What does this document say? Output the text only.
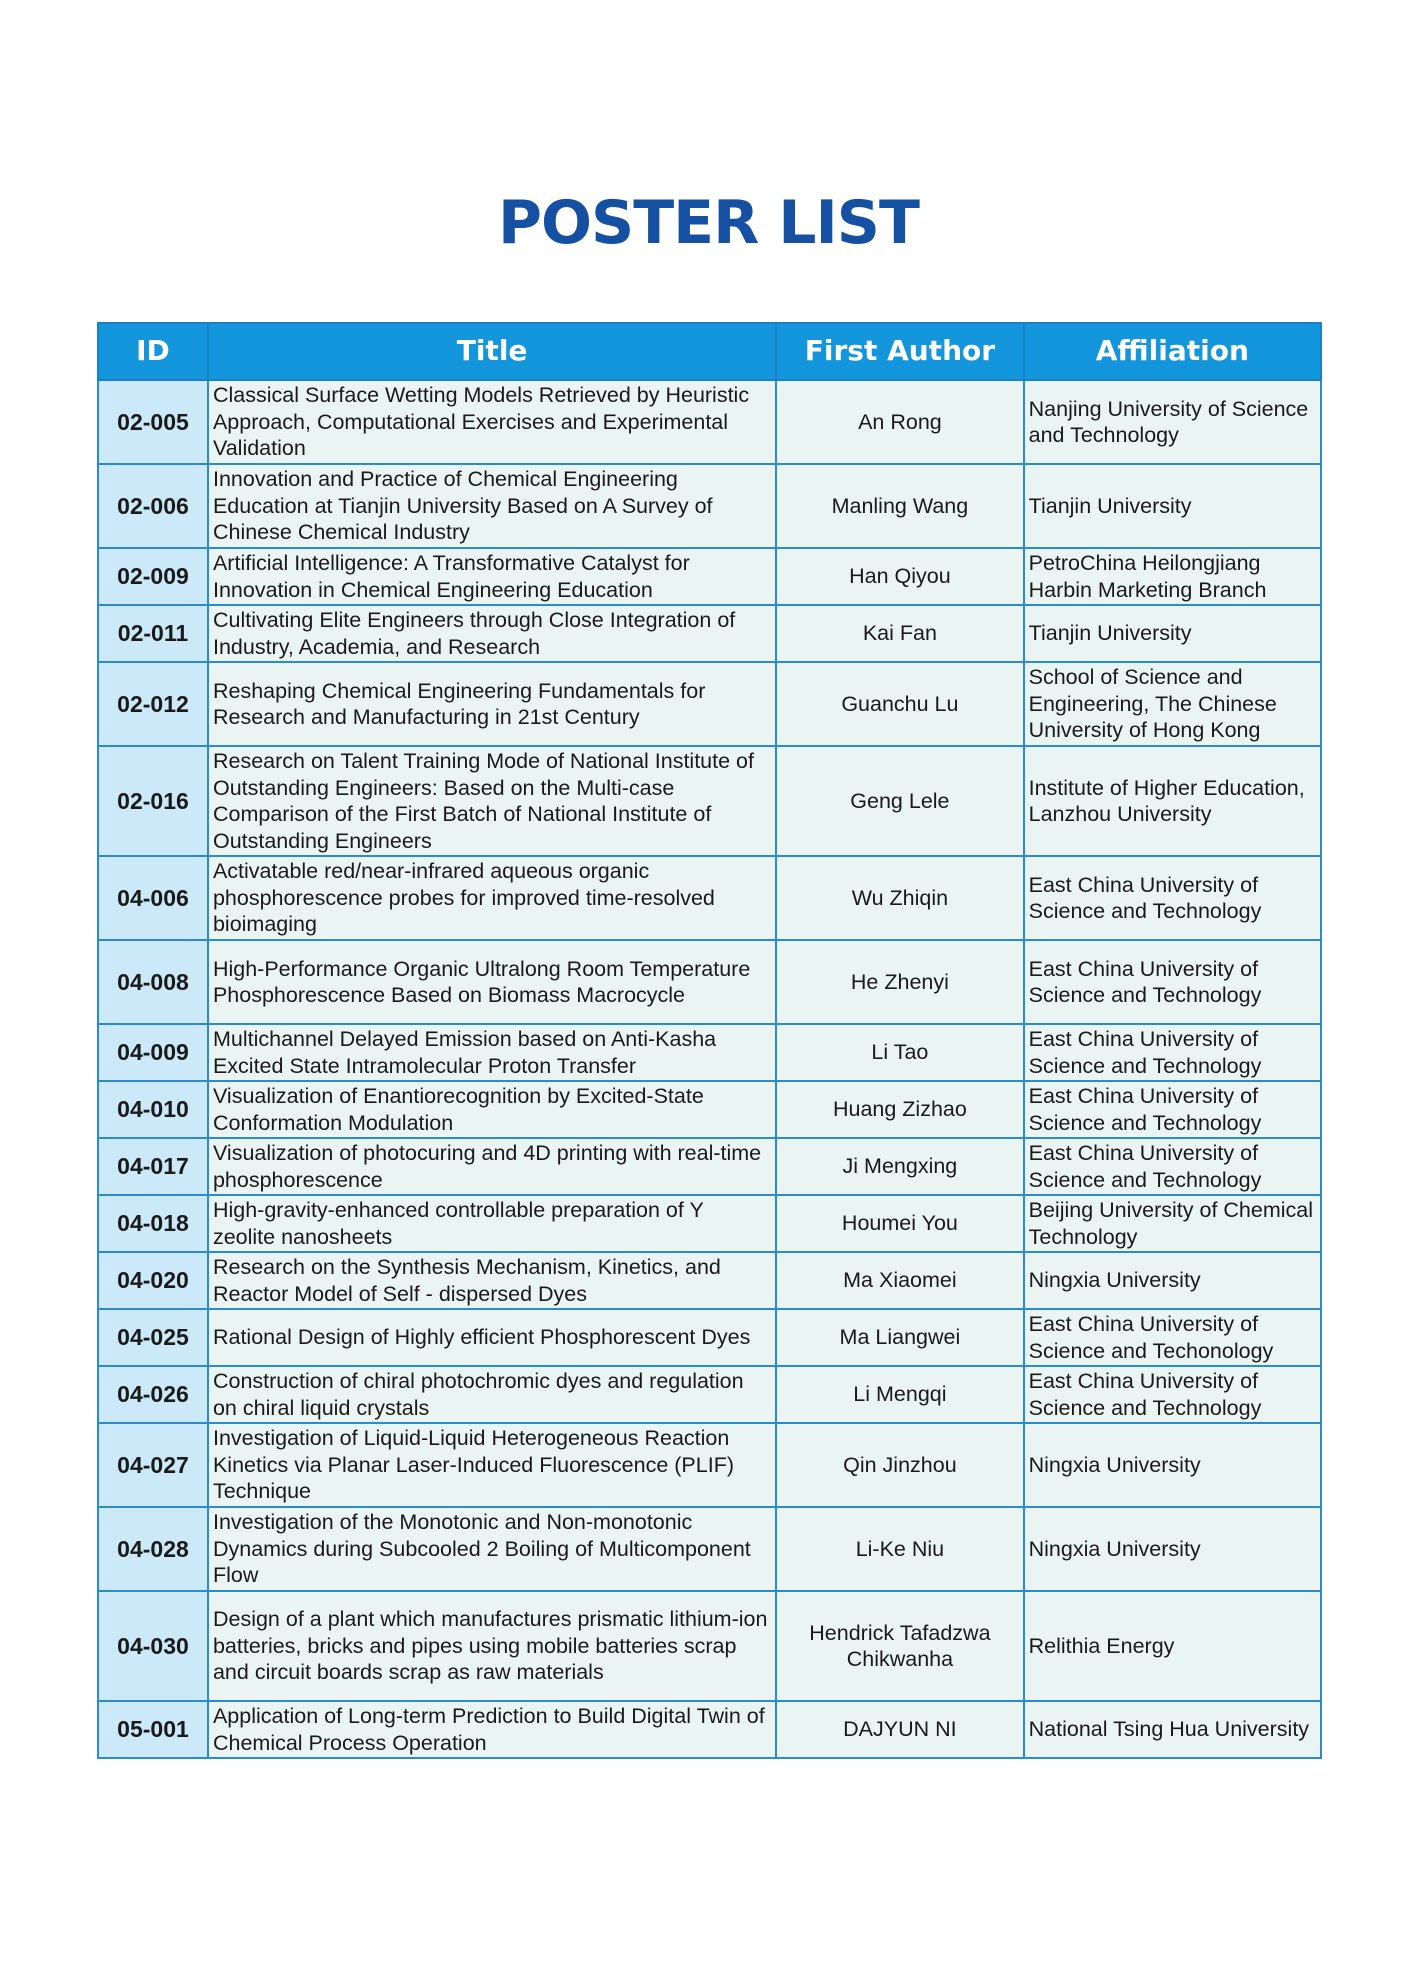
POSTER LIST
ID	Title	First Author	Affiliation
02-005	Classical Surface Wetting Models Retrieved by Heuristic Approach, Computational Exercises and Experimental Validation	An Rong	Nanjing University of Science and Technology
02-006	Innovation and Practice of Chemical Engineering Education at Tianjin University Based on A Survey of Chinese Chemical Industry	Manling Wang	Tianjin University
02-009	Artificial Intelligence: A Transformative Catalyst for Innovation in Chemical Engineering Education	Han Qiyou	PetroChina Heilongjiang Harbin Marketing Branch
02-011	Cultivating Elite Engineers through Close Integration of Industry, Academia, and Research	Kai Fan	Tianjin University
02-012	Reshaping Chemical Engineering Fundamentals for Research and Manufacturing in 21st Century	Guanchu Lu	School of Science and Engineering, The Chinese University of Hong Kong
02-016	Research on Talent Training Mode of National Institute of Outstanding Engineers: Based on the Multi-case Comparison of the First Batch of National Institute of Outstanding Engineers	Geng Lele	Institute of Higher Education, Lanzhou University
04-006	Activatable red/near-infrared aqueous organic phosphorescence probes for improved time-resolved bioimaging	Wu Zhiqin	East China University of Science and Technology
04-008	High-Performance Organic Ultralong Room Temperature Phosphorescence Based on Biomass Macrocycle	He Zhenyi	East China University of Science and Technology
04-009	Multichannel Delayed Emission based on Anti-Kasha Excited State Intramolecular Proton Transfer	Li Tao	East China University of Science and Technology
04-010	Visualization of Enantiorecognition by Excited-State Conformation Modulation	Huang Zizhao	East China University of Science and Technology
04-017	Visualization of photocuring and 4D printing with real-time phosphorescence	Ji Mengxing	East China University of Science and Technology
04-018	High-gravity-enhanced controllable preparation of Y zeolite nanosheets	Houmei You	Beijing University of Chemical Technology
04-020	Research on the Synthesis Mechanism, Kinetics, and Reactor Model of Self - dispersed Dyes	Ma Xiaomei	Ningxia University
04-025	Rational Design of Highly efficient Phosphorescent Dyes	Ma Liangwei	East China University of Science and Techonology
04-026	Construction of chiral photochromic dyes and regulation on chiral liquid crystals	Li Mengqi	East China University of Science and Technology
04-027	Investigation of Liquid-Liquid Heterogeneous Reaction Kinetics via Planar Laser-Induced Fluorescence (PLIF) Technique	Qin Jinzhou	Ningxia University
04-028	Investigation of the Monotonic and Non-monotonic Dynamics during Subcooled 2 Boiling of Multicomponent Flow	Li-Ke Niu	Ningxia University
04-030	Design of a plant which manufactures prismatic lithium-ion batteries, bricks and pipes using mobile batteries scrap and circuit boards scrap as raw materials	Hendrick Tafadzwa Chikwanha	Relithia Energy
05-001	Application of Long-term Prediction to Build Digital Twin of Chemical Process Operation	DAJYUN NI	National Tsing Hua University
